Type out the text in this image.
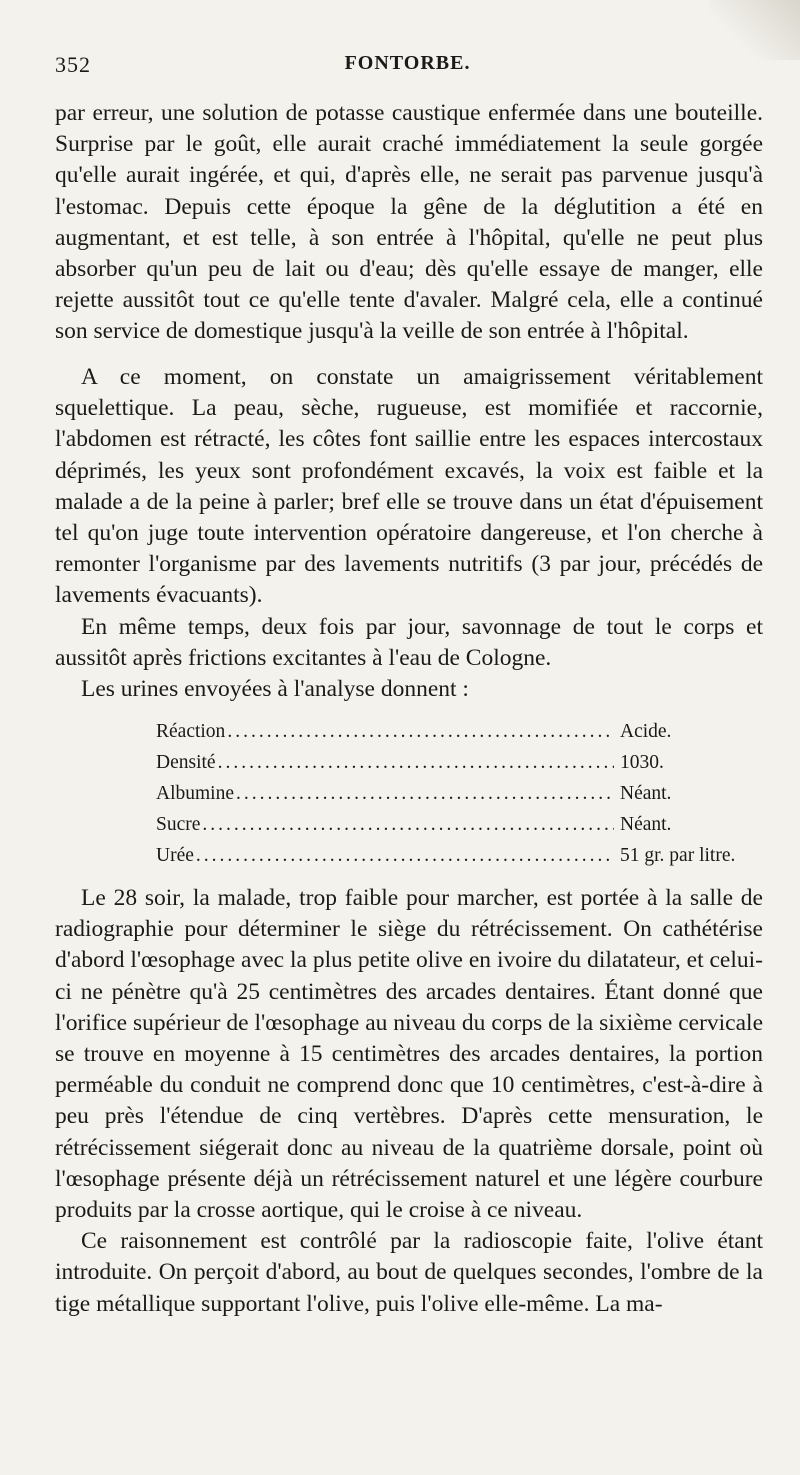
352	FONTORBE.

par erreur, une solution de potasse caustique enfermée dans une bouteille. Surprise par le goût, elle aurait craché immédiatement la seule gorgée qu'elle aurait ingérée, et qui, d'après elle, ne serait pas parvenue jusqu'à l'estomac. Depuis cette époque la gêne de la déglutition a été en augmentant, et est telle, à son entrée à l'hôpital, qu'elle ne peut plus absorber qu'un peu de lait ou d'eau; dès qu'elle essaye de manger, elle rejette aussitôt tout ce qu'elle tente d'avaler. Malgré cela, elle a continué son service de domestique jusqu'à la veille de son entrée à l'hôpital.

A ce moment, on constate un amaigrissement véritablement squelettique. La peau, sèche, rugueuse, est momifiée et raccornie, l'abdomen est rétracté, les côtes font saillie entre les espaces intercostaux déprimés, les yeux sont profondément excavés, la voix est faible et la malade a de la peine à parler; bref elle se trouve dans un état d'épuisement tel qu'on juge toute intervention opératoire dangereuse, et l'on cherche à remonter l'organisme par des lavements nutritifs (3 par jour, précédés de lavements évacuants).

En même temps, deux fois par jour, savonnage de tout le corps et aussitôt après frictions excitantes à l'eau de Cologne.

Les urines envoyées à l'analyse donnent :

Réaction .....	Acide.
Densité .....	1030.
Albumine .....	Néant.
Sucre .....	Néant.
Urée .....	51 gr. par litre.

Le 28 soir, la malade, trop faible pour marcher, est portée à la salle de radiographie pour déterminer le siège du rétrécissement. On cathétérise d'abord l'œsophage avec la plus petite olive en ivoire du dilatateur, et celui-ci ne pénètre qu'à 25 centimètres des arcades dentaires. Étant donné que l'orifice supérieur de l'œsophage au niveau du corps de la sixième cervicale se trouve en moyenne à 15 centimètres des arcades dentaires, la portion perméable du conduit ne comprend donc que 10 centimètres, c'est-à-dire à peu près l'étendue de cinq vertèbres. D'après cette mensuration, le rétrécissement siégerait donc au niveau de la quatrième dorsale, point où l'œsophage présente déjà un rétrécissement naturel et une légère courbure produits par la crosse aortique, qui le croise à ce niveau.

Ce raisonnement est contrôlé par la radioscopie faite, l'olive étant introduite. On perçoit d'abord, au bout de quelques secondes, l'ombre de la tige métallique supportant l'olive, puis l'olive elle-même. La ma-
